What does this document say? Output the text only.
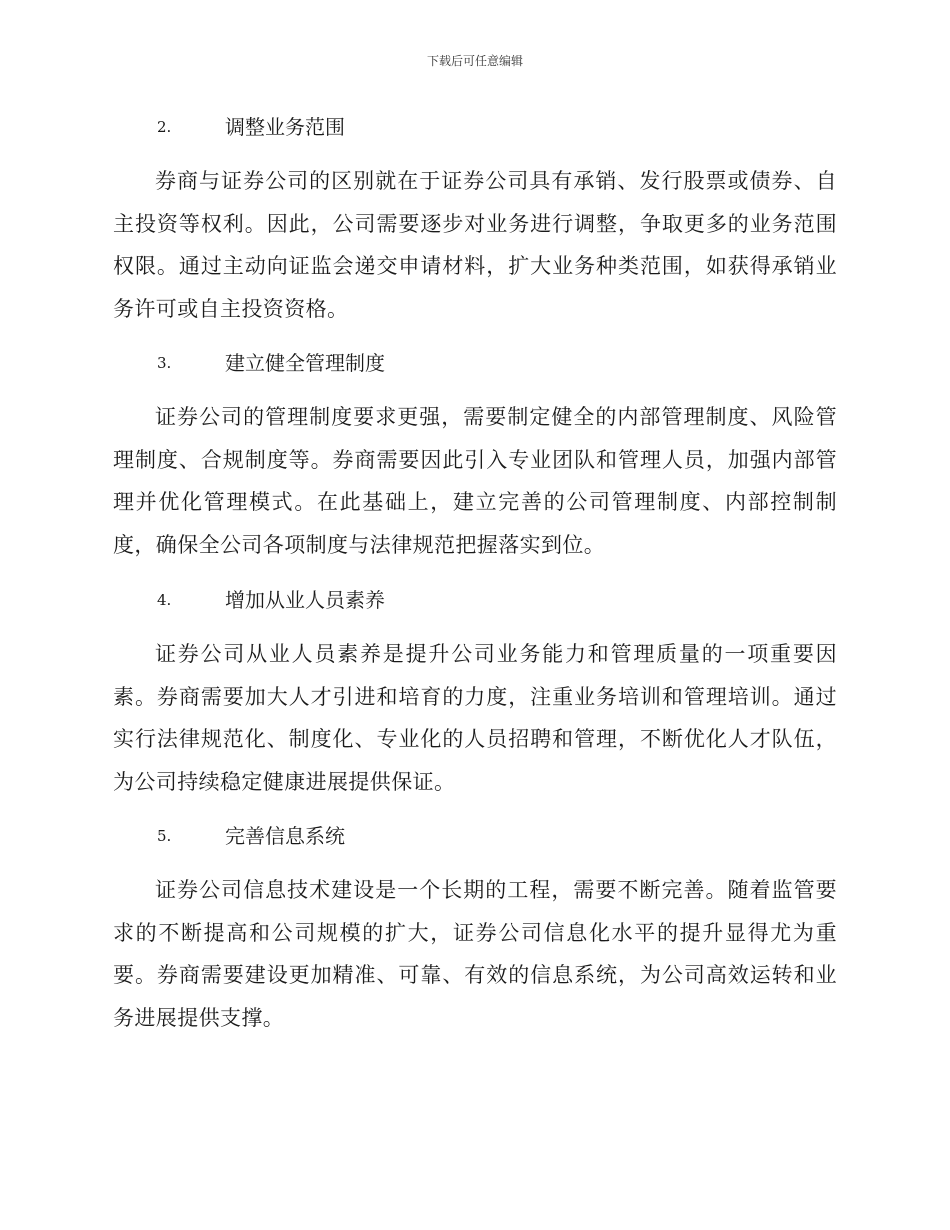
下载后可任意编辑
2.	调整业务范围

券商与证券公司的区别就在于证券公司具有承销、发行股票或债券、自主投资等权利。因此，公司需要逐步对业务进行调整，争取更多的业务范围权限。通过主动向证监会递交申请材料，扩大业务种类范围，如获得承销业务许可或自主投资资格。

3.	建立健全管理制度

证券公司的管理制度要求更强，需要制定健全的内部管理制度、风险管理制度、合规制度等。券商需要因此引入专业团队和管理人员，加强内部管理并优化管理模式。在此基础上，建立完善的公司管理制度、内部控制制度，确保全公司各项制度与法律规范把握落实到位。

4.	增加从业人员素养

证券公司从业人员素养是提升公司业务能力和管理质量的一项重要因素。券商需要加大人才引进和培育的力度，注重业务培训和管理培训。通过实行法律规范化、制度化、专业化的人员招聘和管理，不断优化人才队伍，为公司持续稳定健康进展提供保证。

5.	完善信息系统

证券公司信息技术建设是一个长期的工程，需要不断完善。随着监管要求的不断提高和公司规模的扩大，证券公司信息化水平的提升显得尤为重要。券商需要建设更加精准、可靠、有效的信息系统，为公司高效运转和业务进展提供支撑。
